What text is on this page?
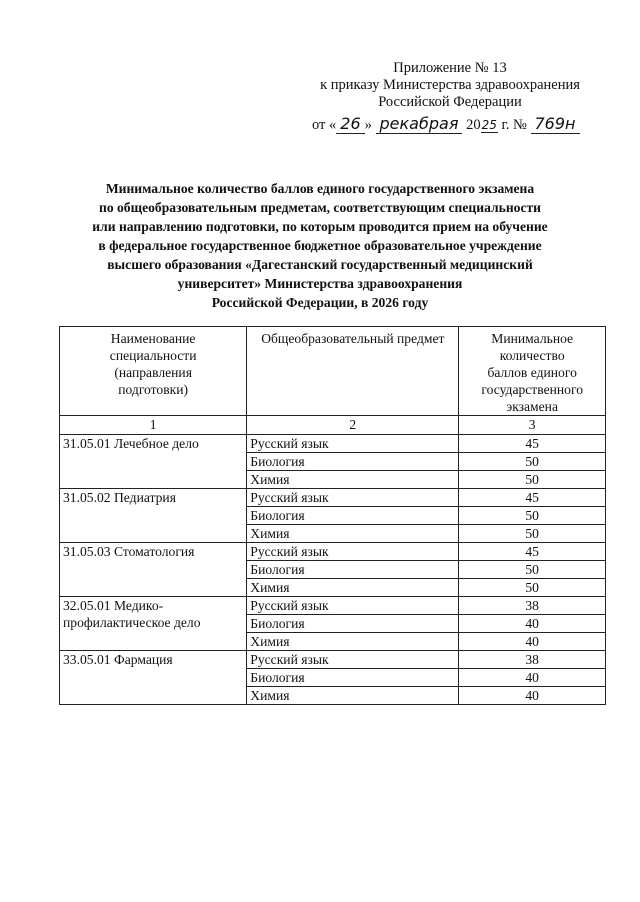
Приложение № 13
к приказу Министерства здравоохранения
Российской Федерации
от « 26 » рекабрая 2025 г. № 769н
Минимальное количество баллов единого государственного экзамена
по общеобразовательным предметам, соответствующим специальности
или направлению подготовки, по которым проводится прием на обучение
в федеральное государственное бюджетное образовательное учреждение
высшего образования «Дагестанский государственный медицинский
университет» Министерства здравоохранения
Российской Федерации, в 2026 году
Наименование специальности (направления подготовки)	Общеобразовательный предмет	Минимальное количество баллов единого государственного экзамена
1	2	3
31.05.01 Лечебное дело	Русский язык	45
	Биология	50
	Химия	50
31.05.02 Педиатрия	Русский язык	45
	Биология	50
	Химия	50
31.05.03 Стоматология	Русский язык	45
	Биология	50
	Химия	50
32.05.01 Медико-профилактическое дело	Русский язык	38
	Биология	40
	Химия	40
33.05.01 Фармация	Русский язык	38
	Биология	40
	Химия	40
